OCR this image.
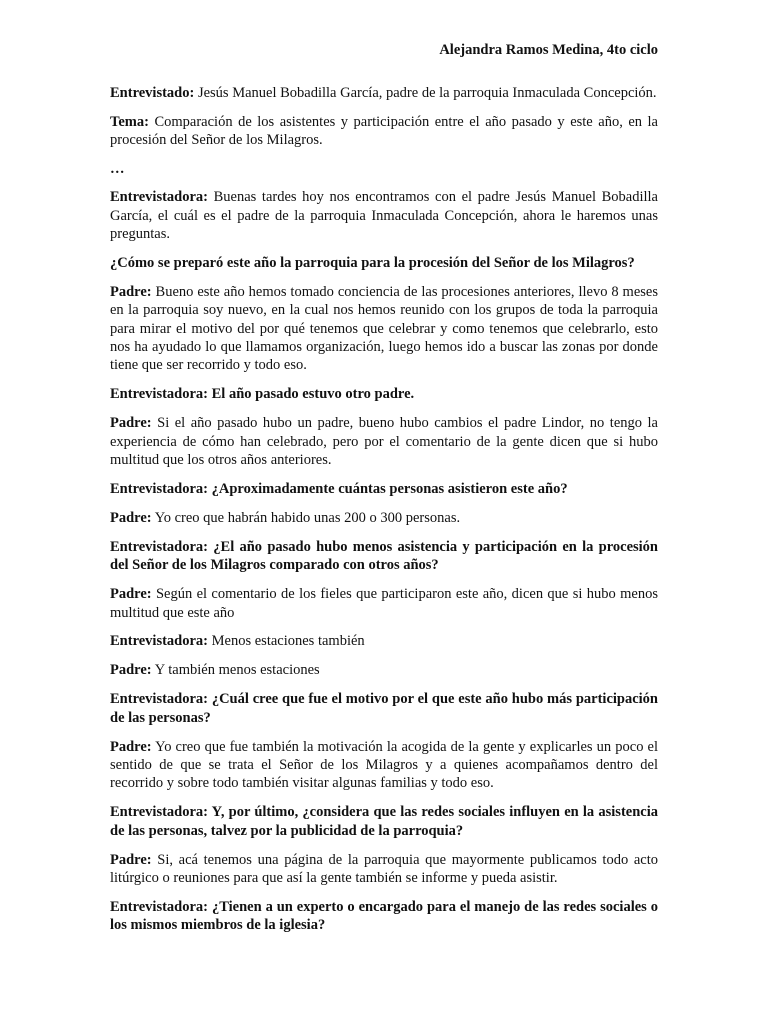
Alejandra Ramos Medina, 4to ciclo

Entrevistado: Jesús Manuel Bobadilla García, padre de la parroquia Inmaculada Concepción.

Tema: Comparación de los asistentes y participación entre el año pasado y este año, en la procesión del Señor de los Milagros.

…

Entrevistadora: Buenas tardes hoy nos encontramos con el padre Jesús Manuel Bobadilla García, el cuál es el padre de la parroquia Inmaculada Concepción, ahora le haremos unas preguntas.

¿Cómo se preparó este año la parroquia para la procesión del Señor de los Milagros?

Padre: Bueno este año hemos tomado conciencia de las procesiones anteriores, llevo 8 meses en la parroquia soy nuevo, en la cual nos hemos reunido con los grupos de toda la parroquia para mirar el motivo del por qué tenemos que celebrar y como tenemos que celebrarlo, esto nos ha ayudado lo que llamamos organización, luego hemos ido a buscar las zonas por donde tiene que ser recorrido y todo eso.

Entrevistadora: El año pasado estuvo otro padre.

Padre: Si el año pasado hubo un padre, bueno hubo cambios el padre Lindor, no tengo la experiencia de cómo han celebrado, pero por el comentario de la gente dicen que si hubo multitud que los otros años anteriores.

Entrevistadora: ¿Aproximadamente cuántas personas asistieron este año?

Padre: Yo creo que habrán habido unas 200 o 300 personas.

Entrevistadora: ¿El año pasado hubo menos asistencia y participación en la procesión del Señor de los Milagros comparado con otros años?

Padre: Según el comentario de los fieles que participaron este año, dicen que si hubo menos multitud que este año

Entrevistadora: Menos estaciones también

Padre: Y también menos estaciones

Entrevistadora: ¿Cuál cree que fue el motivo por el que este año hubo más participación de las personas?

Padre: Yo creo que fue también la motivación la acogida de la gente y explicarles un poco el sentido de que se trata el Señor de los Milagros y a quienes acompañamos dentro del recorrido y sobre todo también visitar algunas familias y todo eso.

Entrevistadora: Y, por último, ¿considera que las redes sociales influyen en la asistencia de las personas, talvez por la publicidad de la parroquia?

Padre: Si, acá tenemos una página de la parroquia que mayormente publicamos todo acto litúrgico o reuniones para que así la gente también se informe y pueda asistir.

Entrevistadora: ¿Tienen a un experto o encargado para el manejo de las redes sociales o los mismos miembros de la iglesia?
